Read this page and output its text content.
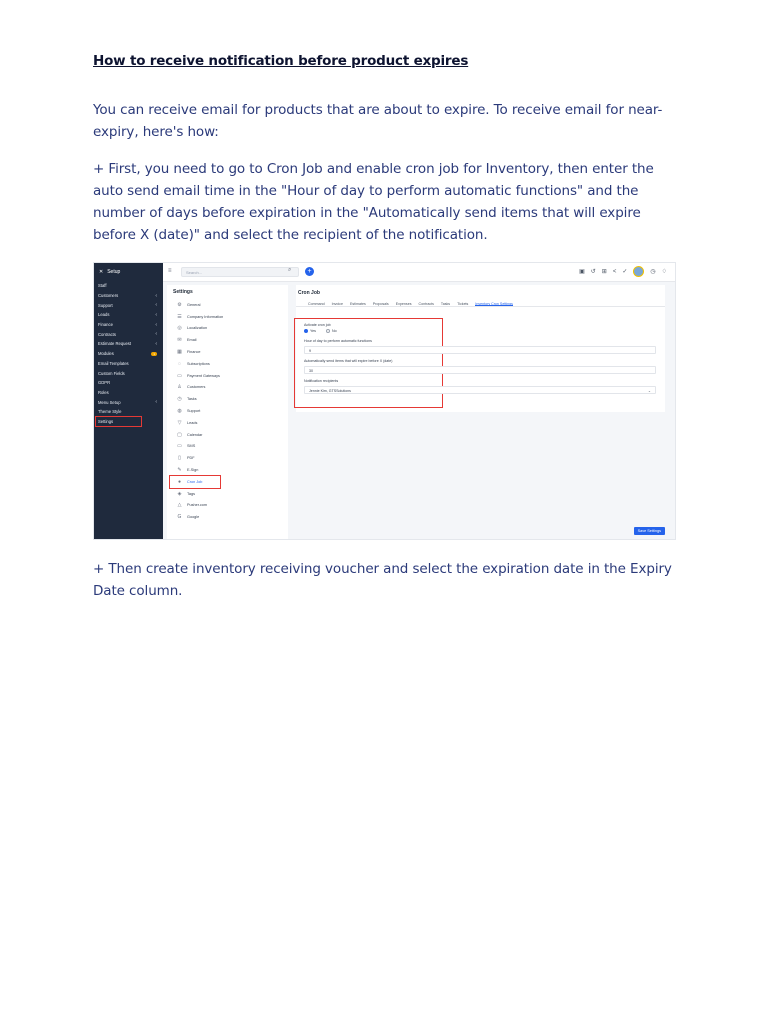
How to receive notification before product expires
You can receive email for products that are about to expire. To receive email for near-expiry, here's how:
+ First, you need to go to Cron Job and enable cron job for Inventory, then enter the auto send email time in the "Hour of day to perform automatic functions" and the number of days before expiration in the "Automatically send items that will expire before X (date)" and select the recipient of the notification.
✕ Setup
Staff
Customers	‹
Support	‹
Leads	‹
Finance	‹
Contracts	‹
Estimate Request	‹
Modules	1
Email Templates
Custom Fields
GDPR
Roles
Menu Setup	‹
Theme Style
Settings
≡	Search...	⌕	+	▣ ↺ ⊞ < ✓	◷ ♢
Settings
⚙ General
☰ Company Information
◎ Localization
✉ Email
▦ Finance
◌ Subscriptions
▭ Payment Gateways
♙ Customers
◷ Tasks
◍ Support
▽ Leads
▢ Calendar
▭ SMS
▯ PDF
✎ E-Sign
● Cron Job
◈ Tags
△ Pusher.com
G Google
Cron Job
Command Invoice Estimates Proposals Expenses Contracts Tasks Tickets Inventory Cron Settings
Activate cron job
Yes	No
Hour of day to perform automatic functions
9
Automatically send items that will expire before X (date)
30
Notification recipients
Jennie Kim, GTSSolutions	⌄
Save Settings
+ Then create inventory receiving voucher and select the expiration date in the Expiry Date column.
